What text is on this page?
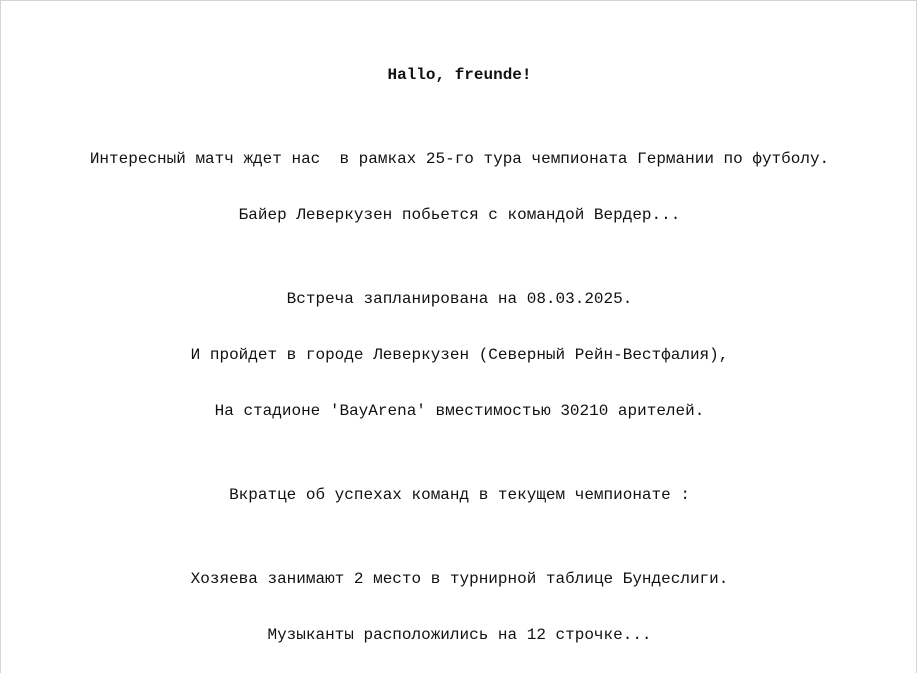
Hallo, freunde!
Интересный матч ждет нас  в рамках 25-го тура чемпионата Германии по футболу.
Байер Леверкузен побьется с командой Вердер...
Встреча запланирована на 08.03.2025.
И пройдет в городе Леверкузен (Северный Рейн-Вестфалия),
На стадионе 'BayArena' вместимостью 30210 арителей.
Вкратце об успехах команд в текущем чемпионате :
Хозяева занимают 2 место в турнирной таблице Бундеслиги.
Музыканты расположились на 12 строчке...
